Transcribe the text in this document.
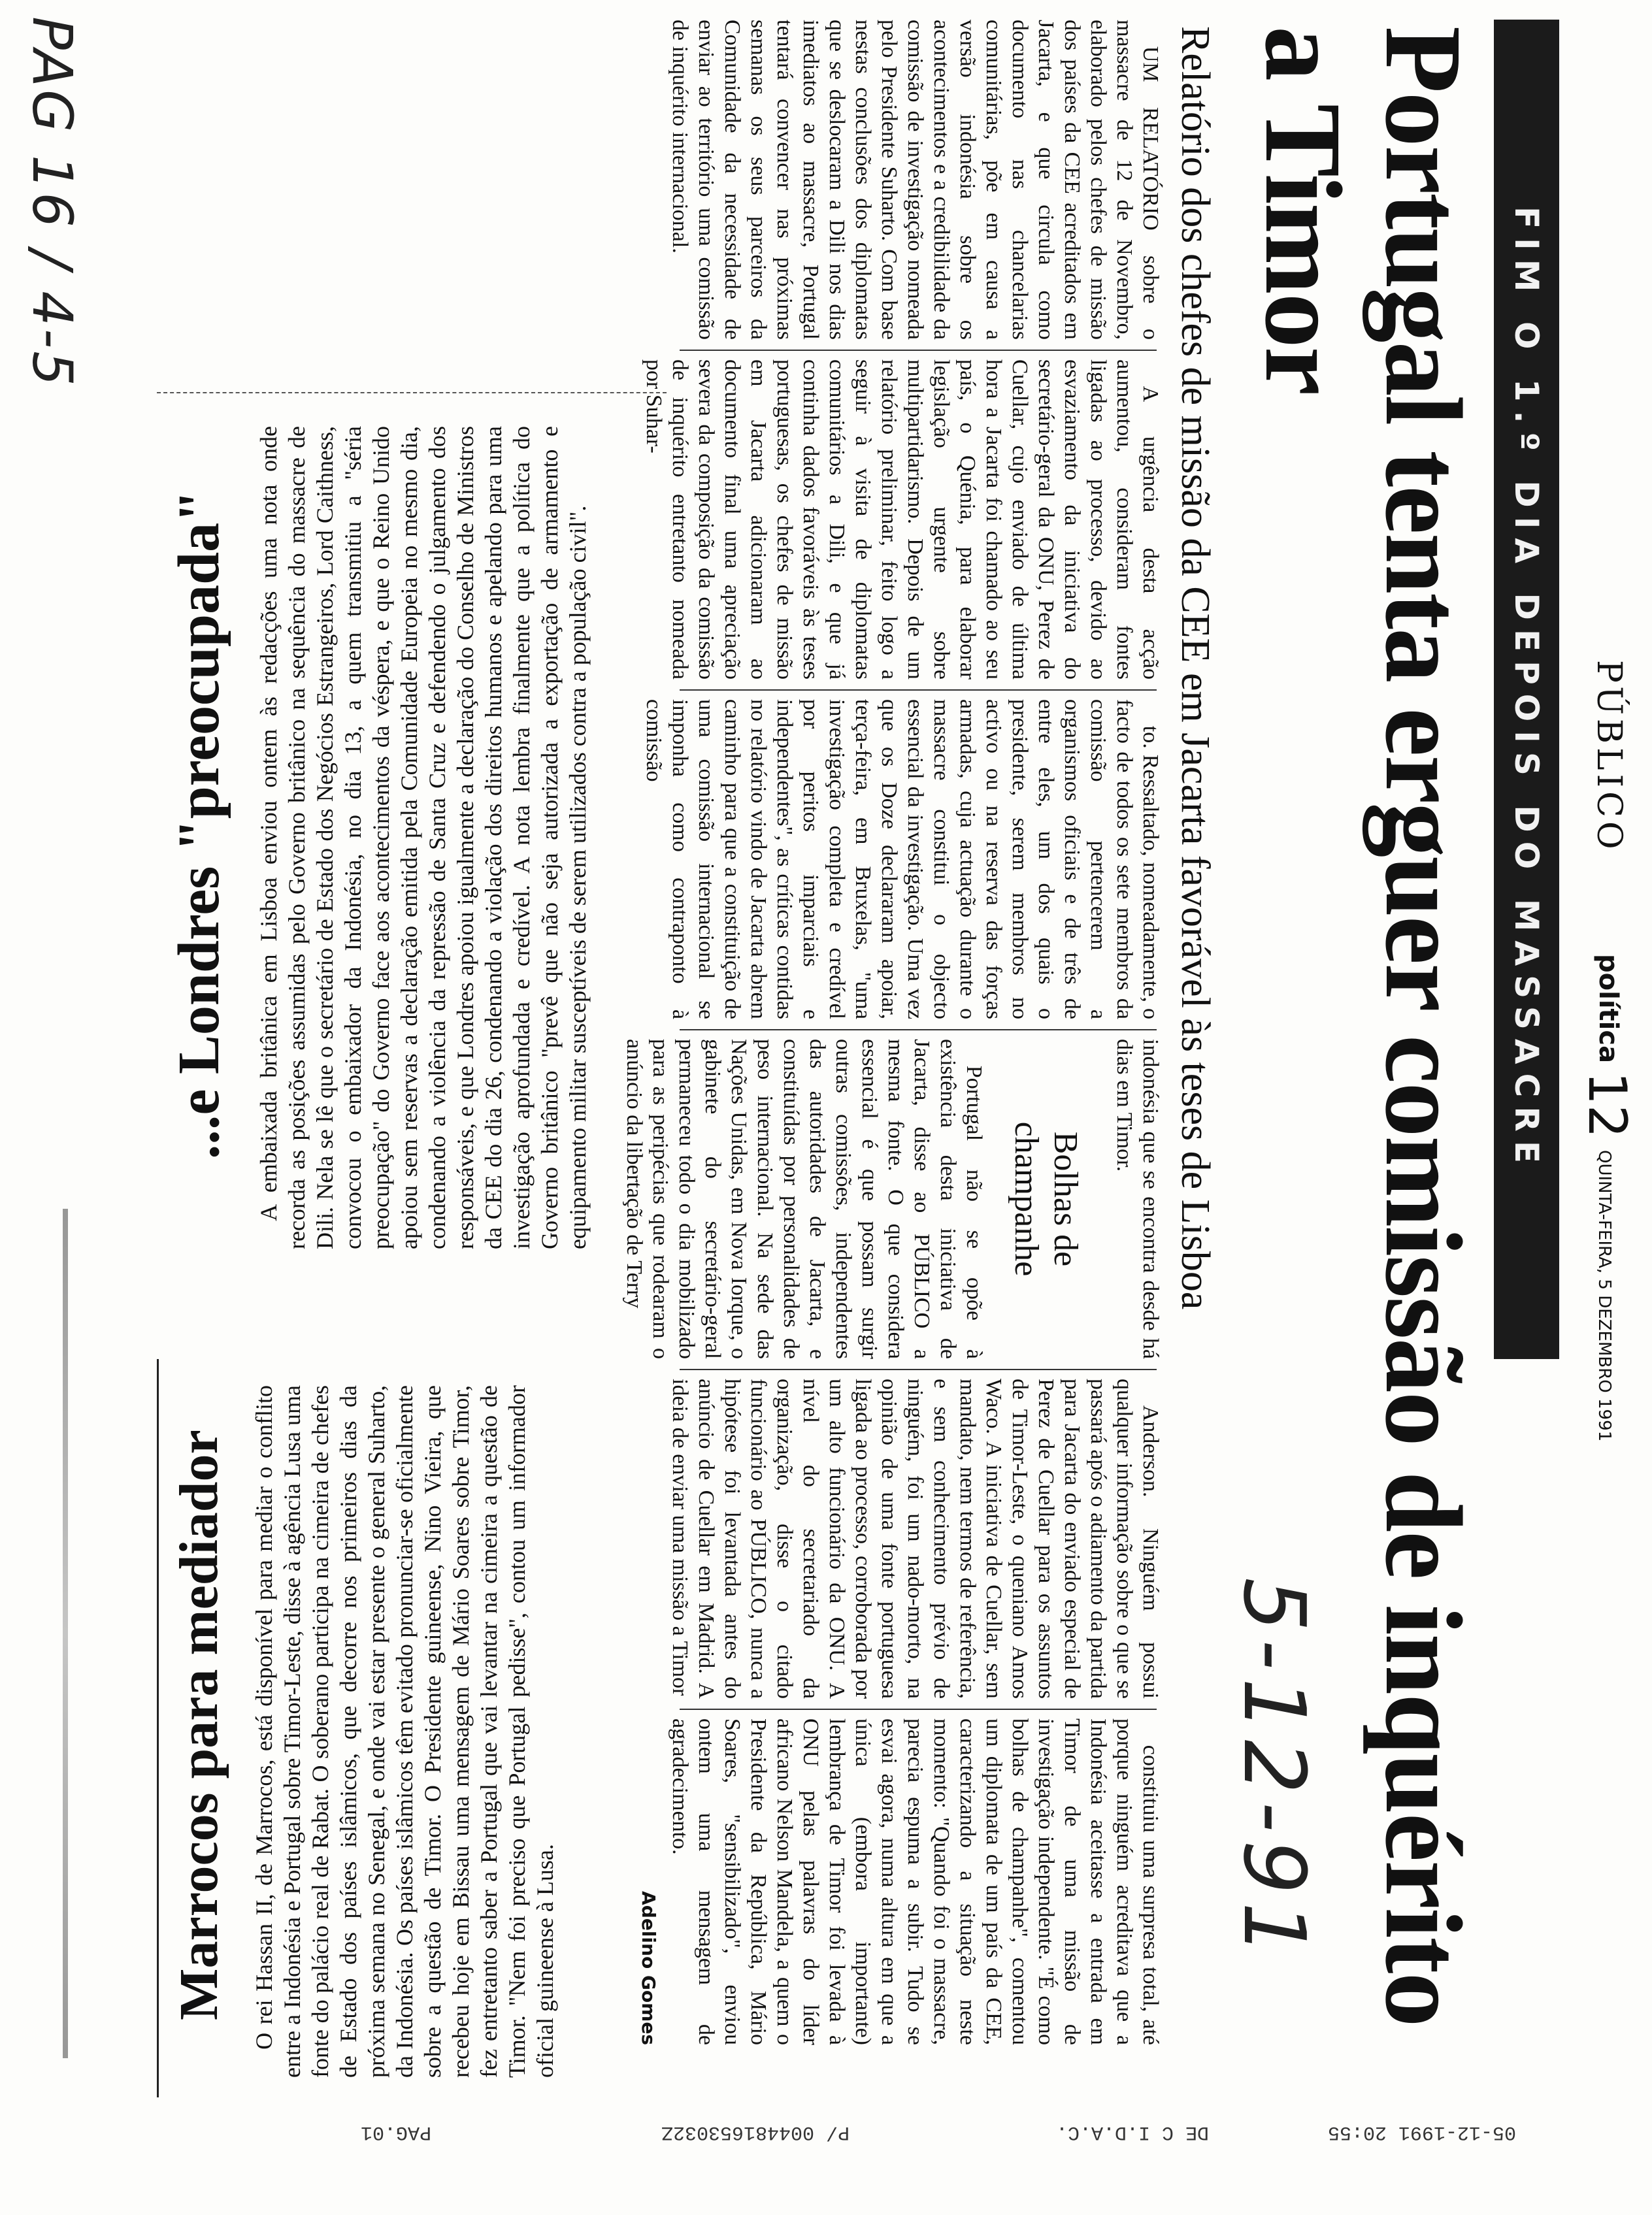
05-12-1991 20:55
DE C I.D.A.C.
P/ 004481653032Z
PAG.01
PAG 16 / 4-5	FIM O 1.º DIA DEPOIS DO MASSACRE	PÚBLICO
política
12
QUINTA-FEIRA, 5 DEZEMBRO 1991
Portugal tenta erguer comissão de inquérito a Timor
Relatório dos chefes de missão da CEE em Jacarta favorável às teses de Lisboa
5-12-91

UM RELATÓRIO sobre o massacre de 12 de Novembro, elaborado pelos chefes de missão dos países da CEE acreditados em Jacarta, e que circula como documento nas chancelarias comunitárias, põe em causa a versão indonésia sobre os acontecimentos e a credibilidade da comissão de investigação nomeada pelo Presidente Suharto. Com base nestas conclusões dos diplomatas que se deslocaram a Dili nos dias imediatos ao massacre, Portugal tentará convencer nas próximas semanas os seus parceiros da Comunidade da necessidade de enviar ao território uma comissão de inquérito internacional.

A urgência desta acção aumentou, consideram fontes ligadas ao processo, devido ao esvaziamento da iniciativa do secretário-geral da ONU, Perez de Cuellar, cujo enviado de última hora a Jacarta foi chamado ao seu país, o Quénia, para elaborar legislação urgente sobre multipartidarismo. Depois de um relatório preliminar, feito logo a seguir à visita de diplomatas comunitários a Dili, e que já continha dados favoráveis às teses portuguesas, os chefes de missão em Jacarta adicionaram ao documento final uma apreciação severa da composição da comissão de inquérito entretanto nomeada por Suhar-

to. Ressaltado, nomeadamente, o facto de todos os sete membros da comissão pertencerem a organismos oficiais e de três de entre eles, um dos quais o presidente, serem membros no activo ou na reserva das forças armadas, cuja actuação durante o massacre constitui o objecto essencial da investigação. Uma vez que os Doze declararam apoiar, terça-feira, em Bruxelas, "uma investigação completa e credível por peritos imparciais e independentes", as críticas contidas no relatório vindo de Jacarta abrem caminho para que a constituição de uma comissão internacional se imponha como contraponto à comissão

indonésia que se encontra desde há dias em Timor.

Bolhas de champanhe

Portugal não se opõe à existência desta iniciativa de Jacarta, disse ao PÚBLICO a mesma fonte. O que considera essencial é que possam surgir outras comissões, independentes das autoridades de Jacarta, e constituídas por personalidades de peso internacional. Na sede das Nações Unidas, em Nova Iorque, o gabinete do secretário-geral permaneceu todo o dia mobilizado para as peripécias que rodearam o anúncio da libertação de Terry

Anderson. Ninguém possui qualquer informação sobre o que se passará após o adiamento da partida para Jacarta do enviado especial de Perez de Cuellar para os assuntos de Timor-Leste, o queniano Amos Waco. A iniciativa de Cuellar, sem mandato, nem termos de referência, e sem conhecimento prévio de ninguém, foi um nado-morto, na opinião de uma fonte portuguesa ligada ao processo, corroborada por um alto funcionário da ONU. A nível do secretariado da organização, disse o citado funcionário ao PÚBLICO, nunca a hipótese foi levantada antes do anúncio de Cuellar em Madrid. A ideia de enviar uma missão a Timor

constituiu uma surpresa total, até porque ninguém acreditava que a Indonésia aceitasse a entrada em Timor de uma missão de investigação independente. "É como bolhas de champanhe", comentou um diplomata de um país da CEE, caracterizando a situação neste momento: "Quando foi o massacre, parecia espuma a subir. Tudo se esvai agora, numa altura em que a única (embora importante) lembrança de Timor foi levada à ONU pelas palavras do líder africano Nelson Mandela, a quem o Presidente da República, Mário Soares, "sensibilizado", enviou ontem uma mensagem de agradecimento.

Adelino Gomes
...e Londres "preocupada" A embaixada britânica em Lisboa enviou ontem às redacções uma nota onde recorda as posições assumidas pelo Governo britânico na sequência do massacre de Dili. Nela se lê que o secretário de Estado dos Negócios Estrangeiros, Lord Caithness, convocou o embaixador da Indonésia, no dia 13, a quem transmitiu a "séria preocupação" do Governo face aos acontecimentos da véspera, e que o Reino Unido apoiou sem reservas a declaração emitida pela Comunidade Europeia no mesmo dia, condenando a violência da repressão de Santa Cruz e defendendo o julgamento dos responsáveis, e que Londres apoiou igualmente a declaração do Conselho de Ministros da CEE do dia 26, condenando a violação dos direitos humanos e apelando para uma investigação aprofundada e credível. A nota lembra finalmente que a política do Governo britânico "prevê que não seja autorizada a exportação de armamento e equipamento militar susceptíveis de serem utilizados contra a população civil".

Marrocos para mediador O rei Hassan II, de Marrocos, está disponível para mediar o conflito entre a Indonésia e Portugal sobre Timor-Leste, disse à agência Lusa uma fonte do palácio real de Rabat. O soberano participa na cimeira de chefes de Estado dos países islâmicos, que decorre nos primeiros dias da próxima semana no Senegal, e onde vai estar presente o general Suharto, da Indonésia. Os países islâmicos têm evitado pronunciar-se oficialmente sobre a questão de Timor. O Presidente guineense, Nino Vieira, que recebeu hoje em Bissau uma mensagem de Mário Soares sobre Timor, fez entretanto saber a Portugal que vai levantar na cimeira a questão de Timor. "Nem foi preciso que Portugal pedisse", contou um informador oficial guineense à Lusa.
